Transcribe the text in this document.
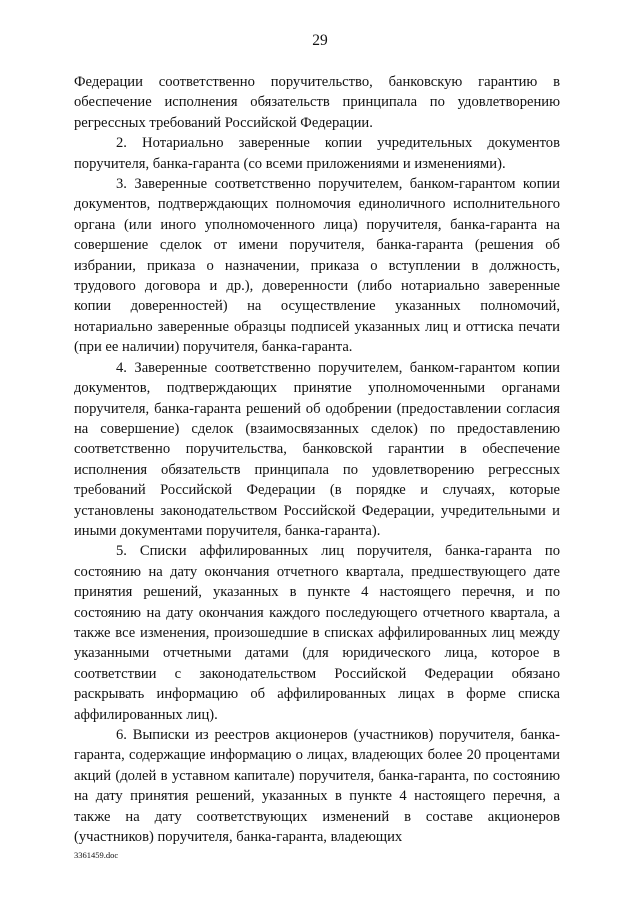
29

Федерации соответственно поручительство, банковскую гарантию в обеспечение исполнения обязательств принципала по удовлетворению регрессных требований Российской Федерации.

2. Нотариально заверенные копии учредительных документов поручителя, банка-гаранта (со всеми приложениями и изменениями).

3. Заверенные соответственно поручителем, банком-гарантом копии документов, подтверждающих полномочия единоличного исполнительного органа (или иного уполномоченного лица) поручителя, банка-гаранта на совершение сделок от имени поручителя, банка-гаранта (решения об избрании, приказа о назначении, приказа о вступлении в должность, трудового договора и др.), доверенности (либо нотариально заверенные копии доверенностей) на осуществление указанных полномочий, нотариально заверенные образцы подписей указанных лиц и оттиска печати (при ее наличии) поручителя, банка-гаранта.

4. Заверенные соответственно поручителем, банком-гарантом копии документов, подтверждающих принятие уполномоченными органами поручителя, банка-гаранта решений об одобрении (предоставлении согласия на совершение) сделок (взаимосвязанных сделок) по предоставлению соответственно поручительства, банковской гарантии в обеспечение исполнения обязательств принципала по удовлетворению регрессных требований Российской Федерации (в порядке и случаях, которые установлены законодательством Российской Федерации, учредительными и иными документами поручителя, банка-гаранта).

5. Списки аффилированных лиц поручителя, банка-гаранта по состоянию на дату окончания отчетного квартала, предшествующего дате принятия решений, указанных в пункте 4 настоящего перечня, и по состоянию на дату окончания каждого последующего отчетного квартала, а также все изменения, произошедшие в списках аффилированных лиц между указанными отчетными датами (для юридического лица, которое в соответствии с законодательством Российской Федерации обязано раскрывать информацию об аффилированных лицах в форме списка аффилированных лиц).

6. Выписки из реестров акционеров (участников) поручителя, банка-гаранта, содержащие информацию о лицах, владеющих более 20 процентами акций (долей в уставном капитале) поручителя, банка-гаранта, по состоянию на дату принятия решений, указанных в пункте 4 настоящего перечня, а также на дату соответствующих изменений в составе акционеров (участников) поручителя, банка-гаранта, владеющих

3361459.doc
